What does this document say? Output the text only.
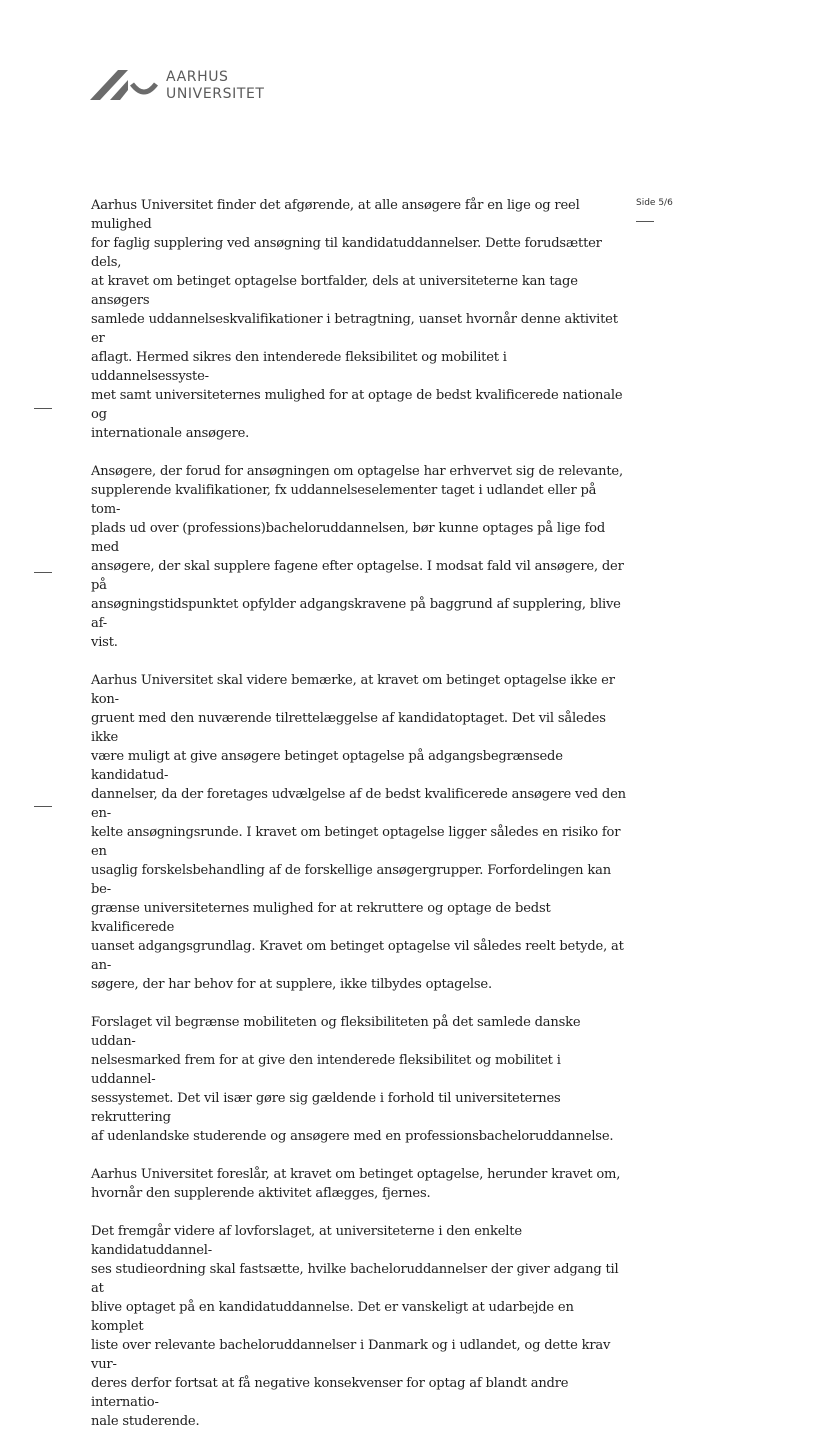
AARHUS
UNIVERSITET
Side 5/6

Aarhus Universitet finder det afgørende, at alle ansøgere får en lige og reel mulighed
for faglig supplering ved ansøgning til kandidatuddannelser. Dette forudsætter dels,
at kravet om betinget optagelse bortfalder, dels at universiteterne kan tage ansøgers
samlede uddannelseskvalifikationer i betragtning, uanset hvornår denne aktivitet er
aflagt. Hermed sikres den intenderede fleksibilitet og mobilitet i uddannelsessyste-
met samt universiteternes mulighed for at optage de bedst kvalificerede nationale og
internationale ansøgere.

Ansøgere, der forud for ansøgningen om optagelse har erhvervet sig de relevante,
supplerende kvalifikationer, fx uddannelseselementer taget i udlandet eller på tom-
plads ud over (professions)bacheloruddannelsen, bør kunne optages på lige fod med
ansøgere, der skal supplere fagene efter optagelse. I modsat fald vil ansøgere, der på
ansøgningstidspunktet opfylder adgangskravene på baggrund af supplering, blive af-
vist.

Aarhus Universitet skal videre bemærke, at kravet om betinget optagelse ikke er kon-
gruent med den nuværende tilrettelæggelse af kandidatoptaget. Det vil således ikke
være muligt at give ansøgere betinget optagelse på adgangsbegrænsede kandidatud-
dannelser, da der foretages udvælgelse af de bedst kvalificerede ansøgere ved den en-
kelte ansøgningsrunde. I kravet om betinget optagelse ligger således en risiko for en
usaglig forskelsbehandling af de forskellige ansøgergrupper. Forfordelingen kan be-
grænse universiteternes mulighed for at rekruttere og optage de bedst kvalificerede
uanset adgangsgrundlag. Kravet om betinget optagelse vil således reelt betyde, at an-
søgere, der har behov for at supplere, ikke tilbydes optagelse.

Forslaget vil begrænse mobiliteten og fleksibiliteten på det samlede danske uddan-
nelsesmarked frem for at give den intenderede fleksibilitet og mobilitet i uddannel-
sessystemet. Det vil især gøre sig gældende i forhold til universiteternes rekruttering
af udenlandske studerende og ansøgere med en professionsbacheloruddannelse.

Aarhus Universitet foreslår, at kravet om betinget optagelse, herunder kravet om,
hvornår den supplerende aktivitet aflægges, fjernes.

Det fremgår videre af lovforslaget, at universiteterne i den enkelte kandidatuddannel-
ses studieordning skal fastsætte, hvilke bacheloruddannelser der giver adgang til at
blive optaget på en kandidatuddannelse. Det er vanskeligt at udarbejde en komplet
liste over relevante bacheloruddannelser i Danmark og i udlandet, og dette krav vur-
deres derfor fortsat at få negative konsekvenser for optag af blandt andre internatio-
nale studerende.
